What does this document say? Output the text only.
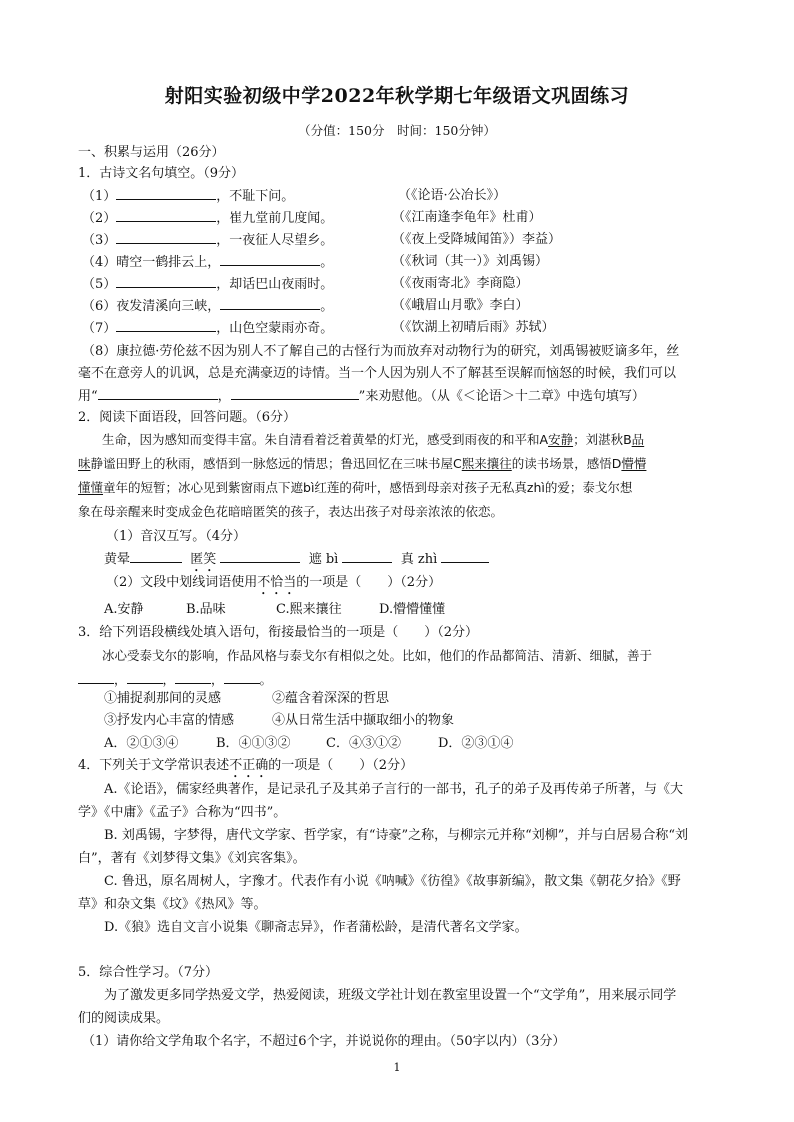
射阳实验初级中学2022年秋学期七年级语文巩固练习
（分值：150分　时间：150分钟）
一、积累与运用（26分）
1．古诗文名句填空。（9分）
（1）	，不耻下问。	（《论语·公冶长》）
（2）	，崔九堂前几度闻。	（《江南逢李龟年》杜甫）
（3）	，一夜征人尽望乡。	（《夜上受降城闻笛》）李益）
（4）晴空一鹤排云上，	。	（《秋词（其一）》刘禹锡）
（5）	，却话巴山夜雨时。	（《夜雨寄北》李商隐）
（6）夜发清溪向三峡，	。	（《峨眉山月歌》李白）
（7）	，山色空蒙雨亦奇。	（《饮湖上初晴后雨》苏轼）
（8）康拉德·劳伦兹不因为别人不了解自己的古怪行为而放弃对动物行为的研究，刘禹锡被贬谪多年，丝
毫不在意旁人的讥讽，总是充满豪迈的诗情。当一个人因为别人不了解甚至误解而恼怒的时候，我们可以
用“	，	”来劝慰他。（从《＜论语＞十二章》中选句填写）
2．阅读下面语段，回答问题。（6分）
生命，因为感知而变得丰富。朱自清看着泛着黄晕的灯光，感受到雨夜的和平和A安静；刘湛秋B品
味静谧田野上的秋雨，感悟到一脉悠远的情思；鲁迅回忆在三味书屋C熙来攘往的读书场景，感悟D懵懵
懂懂童年的短暂；冰心见到紫窗雨点下遮bì红莲的荷叶，感悟到母亲对孩子无私真zhì的爱；泰戈尔想
象在母亲醒来时变成金色花暗暗匿笑的孩子，表达出孩子对母亲浓浓的依恋。
（1）音汉互写。（4分）
黄晕	匿笑	遮 bì	真 zhì
（2）文段中划线词语使用不恰当的一项是（　　）（2分）
A.安静	B.品味	C.熙来攘往	D.懵懵懂懂
3．给下列语段横线处填入语句，衔接最恰当的一项是（　　）（2分）
冰心受泰戈尔的影响，作品风格与泰戈尔有相似之处。比如，他们的作品都简洁、清新、细腻，善于
，	，	，	。
①捕捉刹那间的灵感	②蕴含着深深的哲思
③抒发内心丰富的情感	④从日常生活中撷取细小的物象
A．②①③④	B．④①③②	C．④③①②	D．②③①④
4．下列关于文学常识表述不正确的一项是（　　）（2分）
A.《论语》，儒家经典著作，是记录孔子及其弟子言行的一部书，孔子的弟子及再传弟子所著，与《大
学》《中庸》《孟子》合称为“四书”。
B. 刘禹锡，字梦得，唐代文学家、哲学家，有“诗豪”之称，与柳宗元并称“刘柳”，并与白居易合称“刘
白”，著有《刘梦得文集》《刘宾客集》。
C. 鲁迅，原名周树人，字豫才。代表作有小说《呐喊》《彷徨》《故事新编》，散文集《朝花夕拾》《野
草》和杂文集《坟》《热风》等。
D.《狼》选自文言小说集《聊斋志异》，作者蒲松龄，是清代著名文学家。
5．综合性学习。（7分）
为了激发更多同学热爱文学，热爱阅读，班级文学社计划在教室里设置一个“文学角”，用来展示同学
们的阅读成果。
（1）请你给文学角取个名字，不超过6个字，并说说你的理由。（50字以内）（3分）
1
